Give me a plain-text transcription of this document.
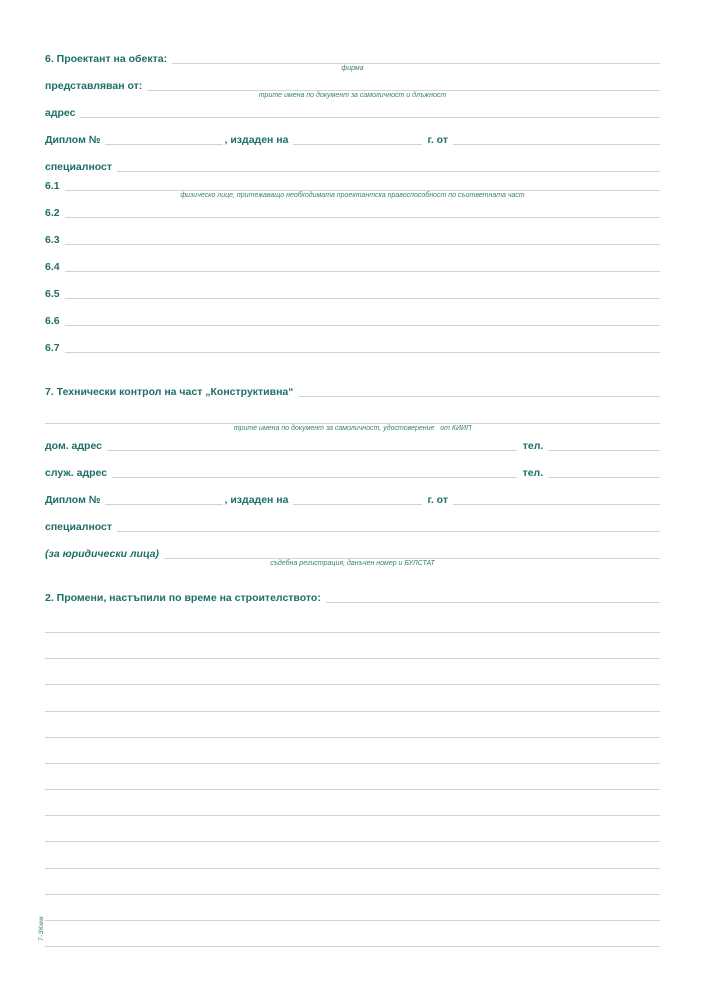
6. Проектант на обекта:
фирма
представляван от:
трите имена по документ за самоличност и длъжност
адрес
Диплом №	, издаден на	г. от
специалност
6.1
физическо лице, притежаващо необходимата проектантска правоспособност по съответната част
6.2
6.3
6.4
6.5
6.6
6.7
7. Технически контрол на част „Конструктивна“
трите имена по документ за самоличност, удостоверение   от КИИП
дом. адрес	тел.
служ. адрес	тел.
Диплом №	, издаден на	г. от
специалност
(за юридически лица)
съдебна регистрация, данъчен номер и БУЛСТАТ
2. Промени, настъпили по време на строителството:
7-ЗКмм
